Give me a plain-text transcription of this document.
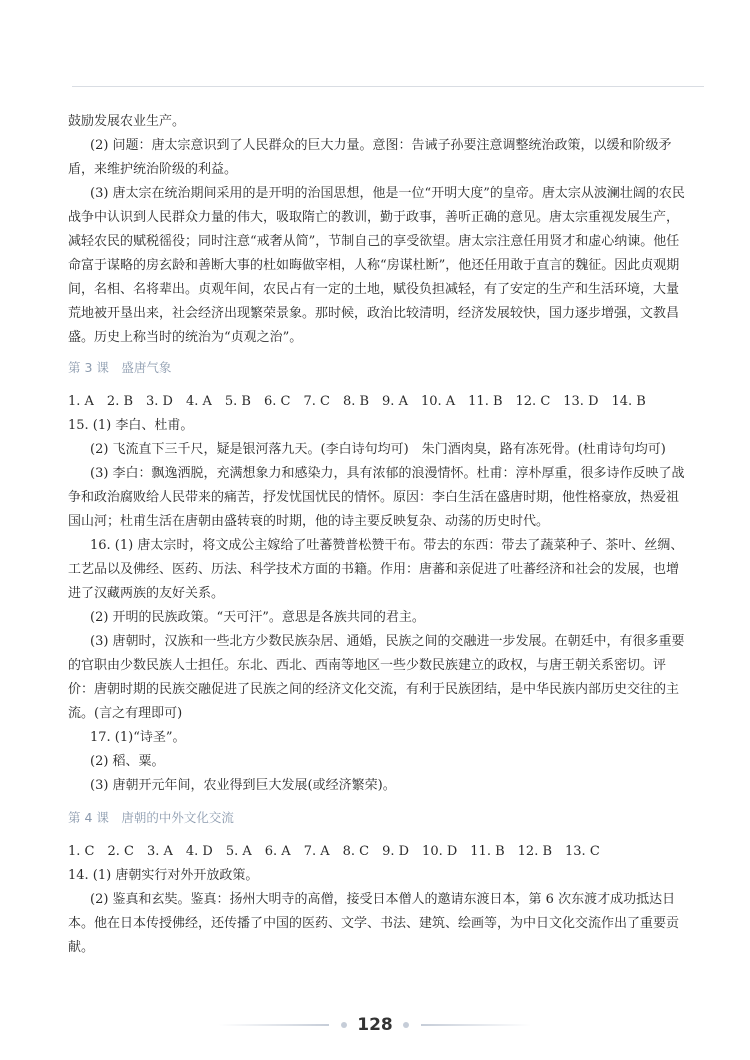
鼓励发展农业生产。

(2) 问题：唐太宗意识到了人民群众的巨大力量。意图：告诫子孙要注意调整统治政策，以缓和阶级矛盾，来维护统治阶级的利益。

(3) 唐太宗在统治期间采用的是开明的治国思想，他是一位“开明大度”的皇帝。唐太宗从波澜壮阔的农民战争中认识到人民群众力量的伟大，吸取隋亡的教训，勤于政事，善听正确的意见。唐太宗重视发展生产，减轻农民的赋税徭役；同时注意“戒奢从简”，节制自己的享受欲望。唐太宗注意任用贤才和虚心纳谏。他任命富于谋略的房玄龄和善断大事的杜如晦做宰相，人称“房谋杜断”，他还任用敢于直言的魏征。因此贞观期间，名相、名将辈出。贞观年间，农民占有一定的土地，赋役负担减轻，有了安定的生产和生活环境，大量荒地被开垦出来，社会经济出现繁荣景象。那时候，政治比较清明，经济发展较快，国力逐步增强，文教昌盛。历史上称当时的统治为“贞观之治”。

第 3 课　盛唐气象

1. A　2. B　3. D　4. A　5. B　6. C　7. C　8. B　9. A　10. A　11. B　12. C　13. D　14. B

15. (1) 李白、杜甫。

(2) 飞流直下三千尺，疑是银河落九天。(李白诗句均可)　朱门酒肉臭，路有冻死骨。(杜甫诗句均可)

(3) 李白：飘逸洒脱，充满想象力和感染力，具有浓郁的浪漫情怀。杜甫：淳朴厚重，很多诗作反映了战争和政治腐败给人民带来的痛苦，抒发忧国忧民的情怀。原因：李白生活在盛唐时期，他性格豪放，热爱祖国山河；杜甫生活在唐朝由盛转衰的时期，他的诗主要反映复杂、动荡的历史时代。

16. (1) 唐太宗时，将文成公主嫁给了吐蕃赞普松赞干布。带去的东西：带去了蔬菜种子、茶叶、丝绸、工艺品以及佛经、医药、历法、科学技术方面的书籍。作用：唐蕃和亲促进了吐蕃经济和社会的发展，也增进了汉藏两族的友好关系。

(2) 开明的民族政策。“天可汗”。意思是各族共同的君主。

(3) 唐朝时，汉族和一些北方少数民族杂居、通婚，民族之间的交融进一步发展。在朝廷中，有很多重要的官职由少数民族人士担任。东北、西北、西南等地区一些少数民族建立的政权，与唐王朝关系密切。评价：唐朝时期的民族交融促进了民族之间的经济文化交流，有利于民族团结，是中华民族内部历史交往的主流。(言之有理即可)

17. (1)“诗圣”。

(2) 稻、粟。

(3) 唐朝开元年间，农业得到巨大发展(或经济繁荣)。

第 4 课　唐朝的中外文化交流

1. C　2. C　3. A　4. D　5. A　6. A　7. A　8. C　9. D　10. D　11. B　12. B　13. C

14. (1) 唐朝实行对外开放政策。

(2) 鉴真和玄奘。鉴真：扬州大明寺的高僧，接受日本僧人的邀请东渡日本，第 6 次东渡才成功抵达日本。他在日本传授佛经，还传播了中国的医药、文学、书法、建筑、绘画等，为中日文化交流作出了重要贡献。

128
